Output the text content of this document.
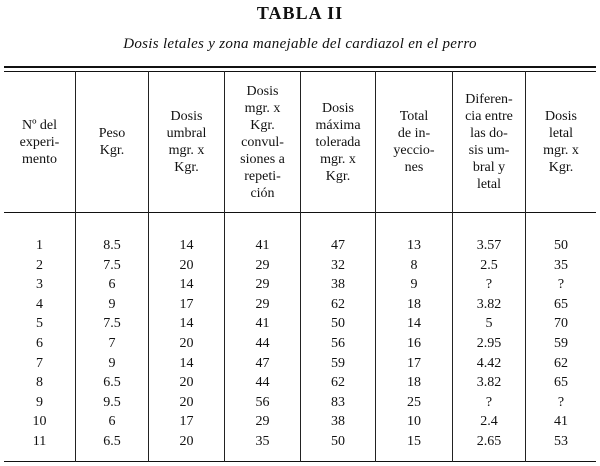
TABLA II
Dosis letales y zona manejable del cardiazol en el perro
Nº del
experi-
mento
Peso
Kgr.
Dosis
umbral
mgr. x
Kgr.
Dosis
mgr. x
Kgr.
convul-
siones a
repeti-
ción
Dosis
máxima
tolerada
mgr. x
Kgr.
Total
de in-
yeccio-
nes
Diferen-
cia entre
las do-
sis um-
bral y
letal
Dosis
letal
mgr. x
Kgr.
1
2
3
4
5
6
7
8
9
10
11
8.5
7.5
6
9
7.5
7
9
6.5
9.5
6
6.5
14
20
14
17
14
20
14
20
20
17
20
41
29
29
29
41
44
47
44
56
29
35
47
32
38
62
50
56
59
62
83
38
50
13
8
9
18
14
16
17
18
25
10
15
3.57
2.5
?
3.82
5
2.95
4.42
3.82
?
2.4
2.65
50
35
?
65
70
59
62
65
?
41
53
